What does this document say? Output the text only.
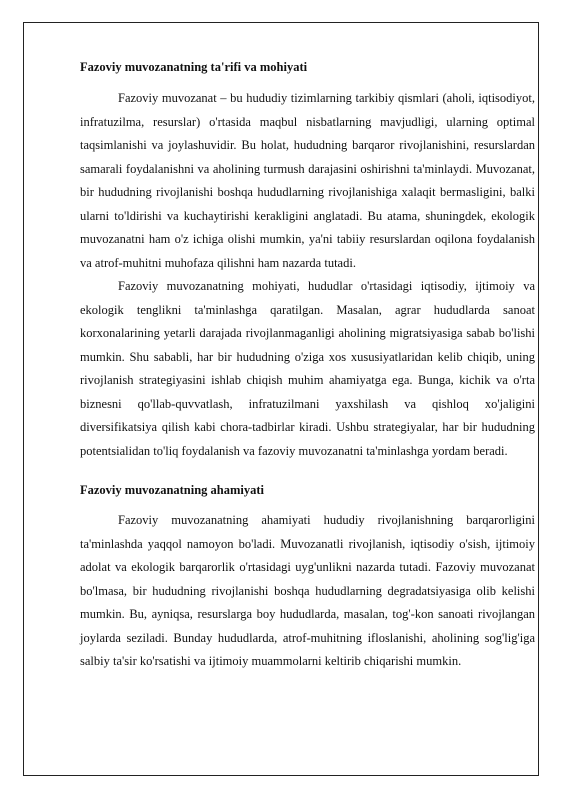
Fazoviy muvozanatning ta'rifi va mohiyati

Fazoviy muvozanat – bu hududiy tizimlarning tarkibiy qismlari (aholi, iqtisodiyot, infratuzilma, resurslar) o'rtasida maqbul nisbatlarning mavjudligi, ularning optimal taqsimlanishi va joylashuvidir. Bu holat, hududning barqaror rivojlanishini, resurslardan samarali foydalanishni va aholining turmush darajasini oshirishni ta'minlaydi. Muvozanat, bir hududning rivojlanishi boshqa hududlarning rivojlanishiga xalaqit bermasligini, balki ularni to'ldirishi va kuchaytirishi kerakligini anglatadi. Bu atama, shuningdek, ekologik muvozanatni ham o'z ichiga olishi mumkin, ya'ni tabiiy resurslardan oqilona foydalanish va atrof-muhitni muhofaza qilishni ham nazarda tutadi.

Fazoviy muvozanatning mohiyati, hududlar o'rtasidagi iqtisodiy, ijtimoiy va ekologik tenglikni ta'minlashga qaratilgan. Masalan, agrar hududlarda sanoat korxonalarining yetarli darajada rivojlanmaganligi aholining migratsiyasiga sabab bo'lishi mumkin. Shu sababli, har bir hududning o'ziga xos xususiyatlaridan kelib chiqib, uning rivojlanish strategiyasini ishlab chiqish muhim ahamiyatga ega. Bunga, kichik va o'rta biznesni qo'llab-quvvatlash, infratuzilmani yaxshilash va qishloq xo'jaligini diversifikatsiya qilish kabi chora-tadbirlar kiradi. Ushbu strategiyalar, har bir hududning potentsialidan to'liq foydalanish va fazoviy muvozanatni ta'minlashga yordam beradi.

Fazoviy muvozanatning ahamiyati

Fazoviy muvozanatning ahamiyati hududiy rivojlanishning barqarorligini ta'minlashda yaqqol namoyon bo'ladi. Muvozanatli rivojlanish, iqtisodiy o'sish, ijtimoiy adolat va ekologik barqarorlik o'rtasidagi uyg'unlikni nazarda tutadi. Fazoviy muvozanat bo'lmasa, bir hududning rivojlanishi boshqa hududlarning degradatsiyasiga olib kelishi mumkin. Bu, ayniqsa, resurslarga boy hududlarda, masalan, tog'-kon sanoati rivojlangan joylarda seziladi. Bunday hududlarda, atrof-muhitning ifloslanishi, aholining sog'lig'iga salbiy ta'sir ko'rsatishi va ijtimoiy muammolarni keltirib chiqarishi mumkin.
